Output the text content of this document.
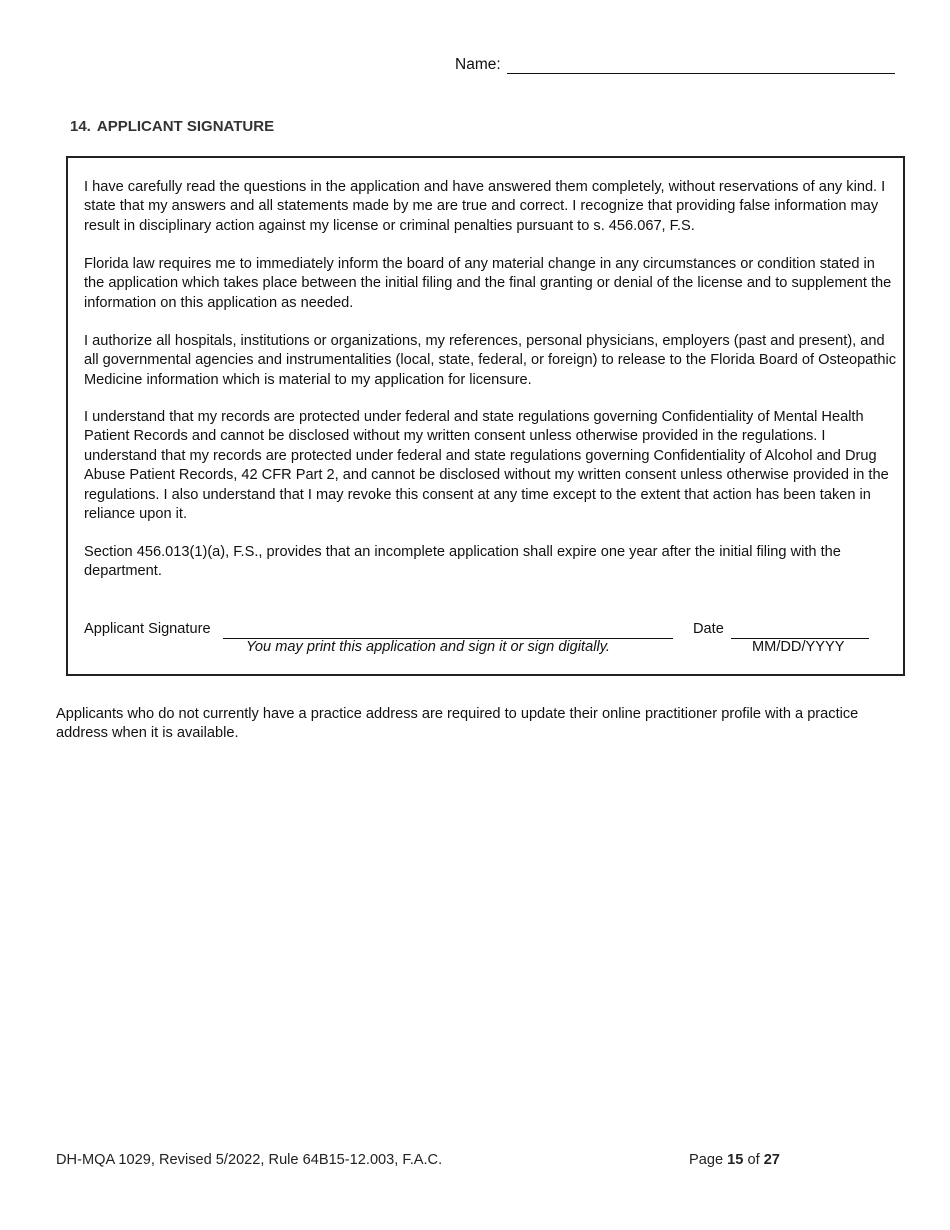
Name:
14. APPLICANT SIGNATURE

I have carefully read the questions in the application and have answered them completely, without reservations of any kind. I state that my answers and all statements made by me are true and correct. I recognize that providing false information may result in disciplinary action against my license or criminal penalties pursuant to s. 456.067, F.S.

Florida law requires me to immediately inform the board of any material change in any circumstances or condition stated in the application which takes place between the initial filing and the final granting or denial of the license and to supplement the information on this application as needed.

I authorize all hospitals, institutions or organizations, my references, personal physicians, employers (past and present), and all governmental agencies and instrumentalities (local, state, federal, or foreign) to release to the Florida Board of Osteopathic Medicine information which is material to my application for licensure.

I understand that my records are protected under federal and state regulations governing Confidentiality of Mental Health Patient Records and cannot be disclosed without my written consent unless otherwise provided in the regulations. I understand that my records are protected under federal and state regulations governing Confidentiality of Alcohol and Drug Abuse Patient Records, 42 CFR Part 2, and cannot be disclosed without my written consent unless otherwise provided in the regulations. I also understand that I may revoke this consent at any time except to the extent that action has been taken in reliance upon it.

Section 456.013(1)(a), F.S., provides that an incomplete application shall expire one year after the initial filing with the department.

Applicant Signature
You may print this application and sign it or sign digitally.
Date
MM/DD/YYYY

Applicants who do not currently have a practice address are required to update their online practitioner profile with a practice address when it is available.

DH-MQA 1029, Revised 5/2022, Rule 64B15-12.003, F.A.C.	Page 15 of 27
